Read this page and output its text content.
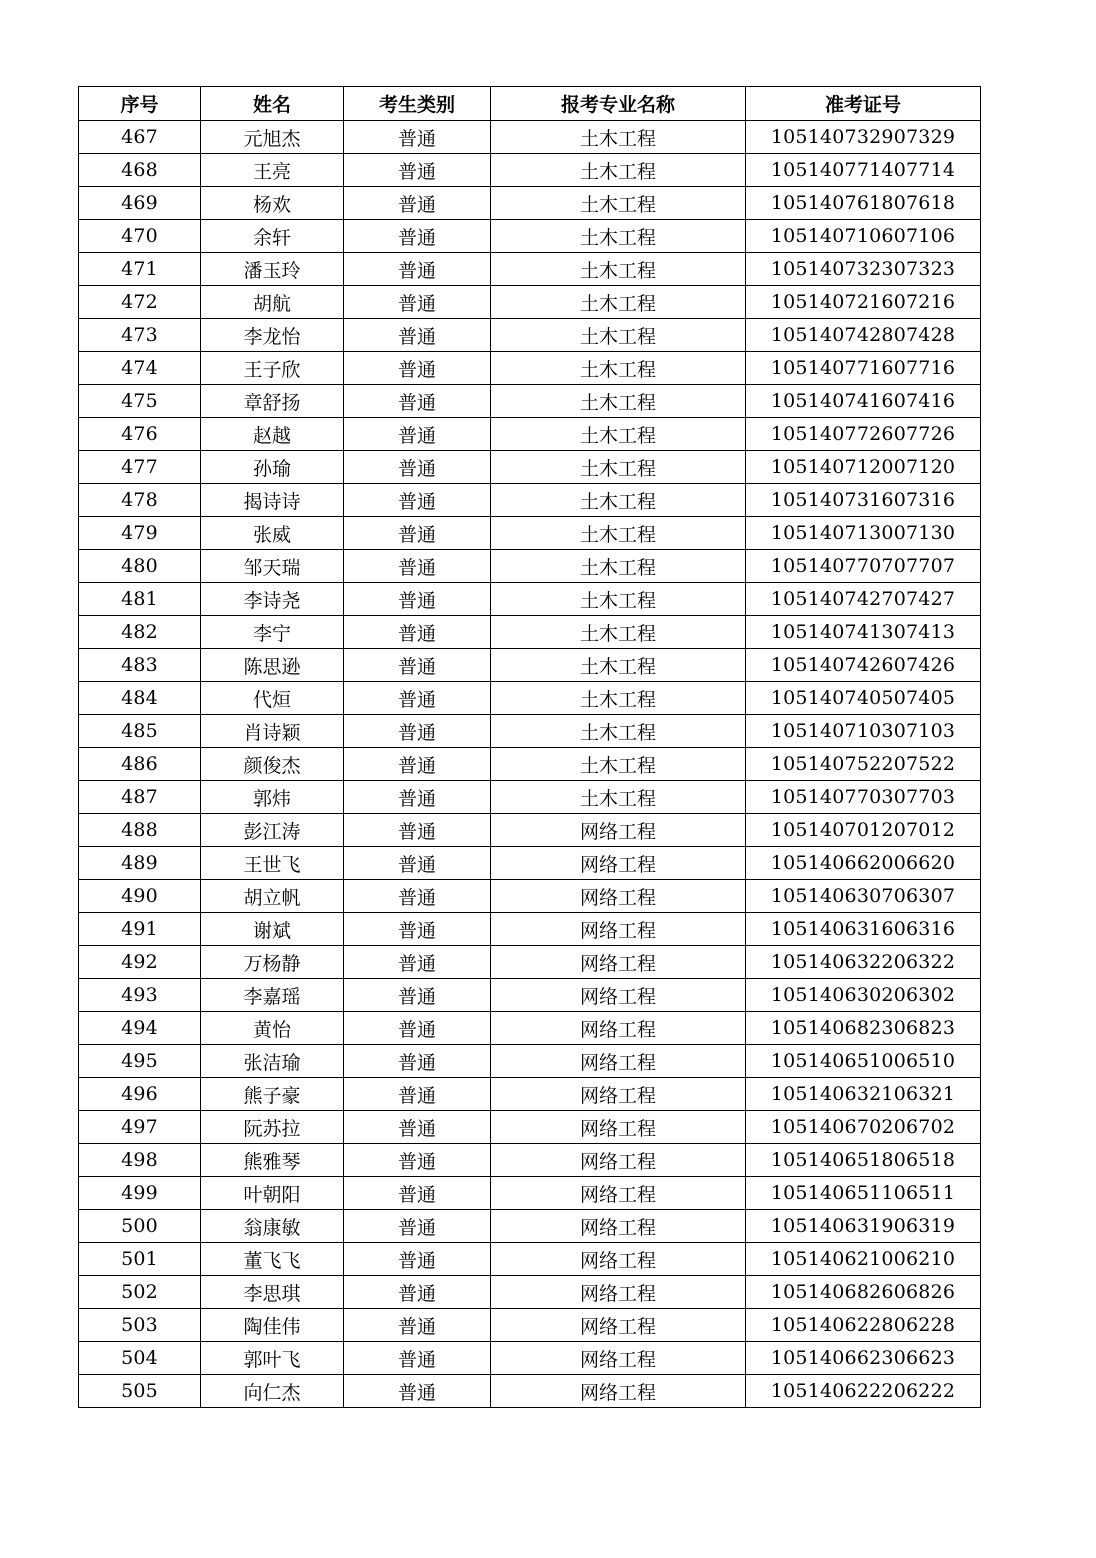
序号	姓名	考生类别	报考专业名称	准考证号
467	元旭杰	普通	土木工程	105140732907329
468	王亮	普通	土木工程	105140771407714
469	杨欢	普通	土木工程	105140761807618
470	余轩	普通	土木工程	105140710607106
471	潘玉玲	普通	土木工程	105140732307323
472	胡航	普通	土木工程	105140721607216
473	李龙怡	普通	土木工程	105140742807428
474	王子欣	普通	土木工程	105140771607716
475	章舒扬	普通	土木工程	105140741607416
476	赵越	普通	土木工程	105140772607726
477	孙瑜	普通	土木工程	105140712007120
478	揭诗诗	普通	土木工程	105140731607316
479	张威	普通	土木工程	105140713007130
480	邹天瑞	普通	土木工程	105140770707707
481	李诗尧	普通	土木工程	105140742707427
482	李宁	普通	土木工程	105140741307413
483	陈思逊	普通	土木工程	105140742607426
484	代烜	普通	土木工程	105140740507405
485	肖诗颖	普通	土木工程	105140710307103
486	颜俊杰	普通	土木工程	105140752207522
487	郭炜	普通	土木工程	105140770307703
488	彭江涛	普通	网络工程	105140701207012
489	王世飞	普通	网络工程	105140662006620
490	胡立帆	普通	网络工程	105140630706307
491	谢斌	普通	网络工程	105140631606316
492	万杨静	普通	网络工程	105140632206322
493	李嘉瑶	普通	网络工程	105140630206302
494	黄怡	普通	网络工程	105140682306823
495	张洁瑜	普通	网络工程	105140651006510
496	熊子豪	普通	网络工程	105140632106321
497	阮苏拉	普通	网络工程	105140670206702
498	熊雅琴	普通	网络工程	105140651806518
499	叶朝阳	普通	网络工程	105140651106511
500	翁康敏	普通	网络工程	105140631906319
501	董飞飞	普通	网络工程	105140621006210
502	李思琪	普通	网络工程	105140682606826
503	陶佳伟	普通	网络工程	105140622806228
504	郭叶飞	普通	网络工程	105140662306623
505	向仁杰	普通	网络工程	105140622206222
